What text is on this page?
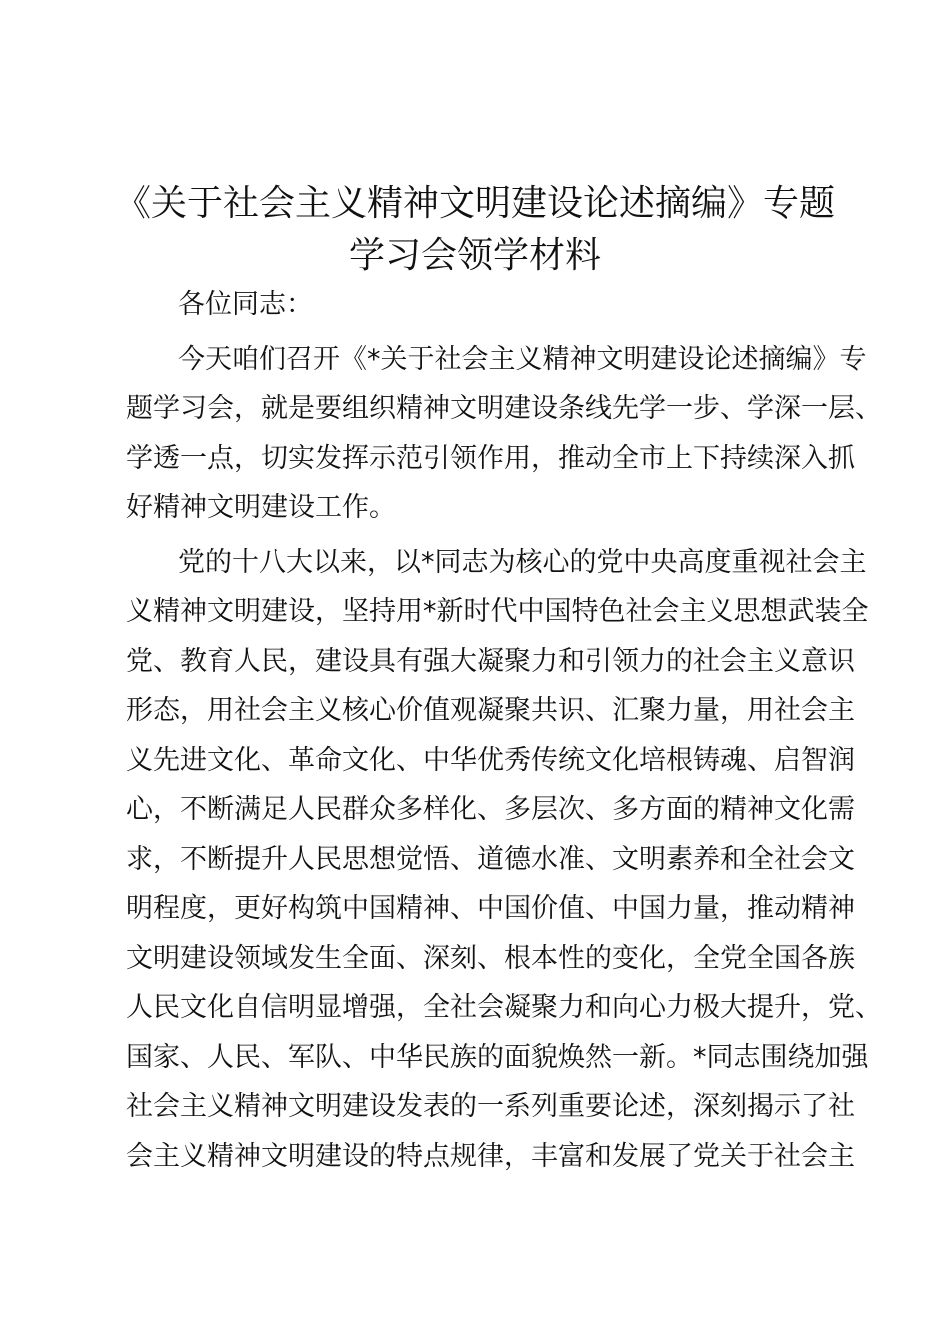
《关于社会主义精神文明建设论述摘编》专题
学习会领学材料

各位同志：

今天咱们召开《*关于社会主义精神文明建设论述摘编》专
题学习会，就是要组织精神文明建设条线先学一步、学深一层、
学透一点，切实发挥示范引领作用，推动全市上下持续深入抓
好精神文明建设工作。

党的十八大以来，以*同志为核心的党中央高度重视社会主
义精神文明建设，坚持用*新时代中国特色社会主义思想武装全
党、教育人民，建设具有强大凝聚力和引领力的社会主义意识
形态，用社会主义核心价值观凝聚共识、汇聚力量，用社会主
义先进文化、革命文化、中华优秀传统文化培根铸魂、启智润
心，不断满足人民群众多样化、多层次、多方面的精神文化需
求，不断提升人民思想觉悟、道德水准、文明素养和全社会文
明程度，更好构筑中国精神、中国价值、中国力量，推动精神
文明建设领域发生全面、深刻、根本性的变化，全党全国各族
人民文化自信明显增强，全社会凝聚力和向心力极大提升，党、
国家、人民、军队、中华民族的面貌焕然一新。*同志围绕加强
社会主义精神文明建设发表的一系列重要论述，深刻揭示了社
会主义精神文明建设的特点规律，丰富和发展了党关于社会主
